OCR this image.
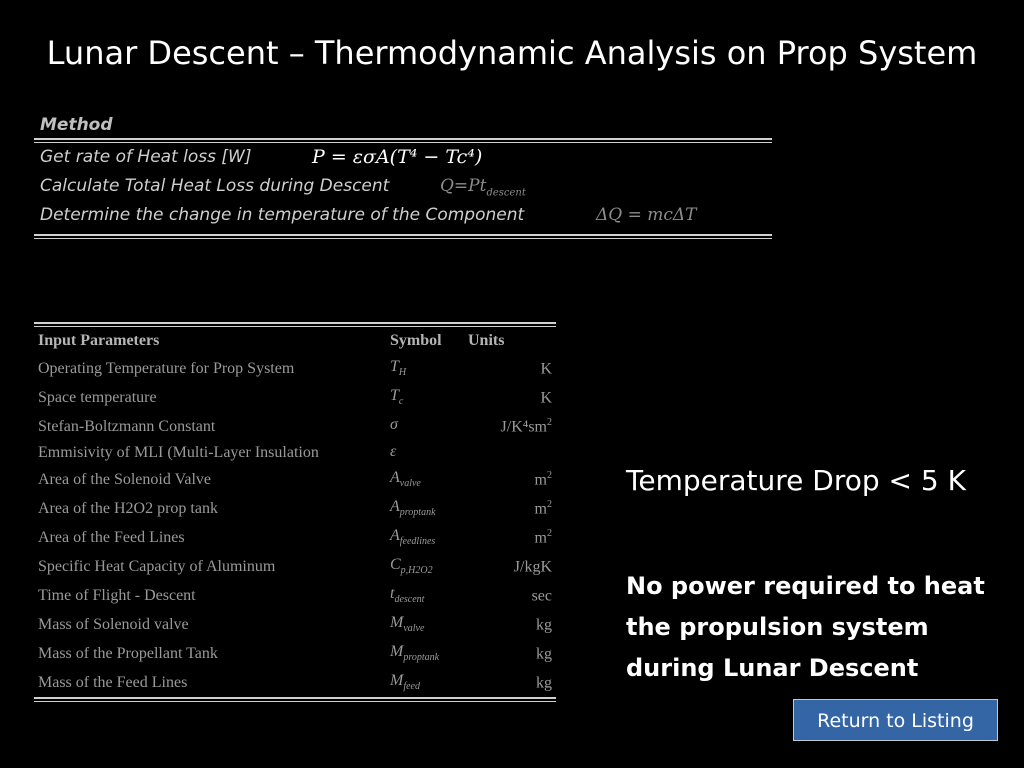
Lunar Descent – Thermodynamic Analysis on Prop System
Method
Get rate of Heat loss [W]	P = εσA(T⁴ − Tc⁴)
Calculate Total Heat Loss during Descent	$Q=Pt_{descent}$
Determine the change in temperature of the Component	ΔQ = mcΔT
Input Parameters	Symbol	Units
Operating Temperature for Prop System	$T_H$	K
Space temperature	$T_c$	K
Stefan-Boltzmann Constant	σ	$J/K^4sm^2$
Emmisivity of MLI (Multi-Layer Insulation	ε	
Area of the Solenoid Valve	$A_{valve}$	$m^2$
Area of the H2O2 prop tank	$A_{proptank}$	$m^2$
Area of the Feed Lines	$A_{feedlines}$	$m^2$
Specific Heat Capacity of Aluminum	$C_{p,H2O2}$	J/kgK
Time of Flight - Descent	$t_{descent}$	sec
Mass of Solenoid valve	$M_{valve}$	kg
Mass of the Propellant Tank	$M_{proptank}$	kg
Mass of the Feed Lines	$M_{feed}$	kg
Temperature Drop < 5 K
No power required to heat the propulsion system during Lunar Descent
Return to Listing
